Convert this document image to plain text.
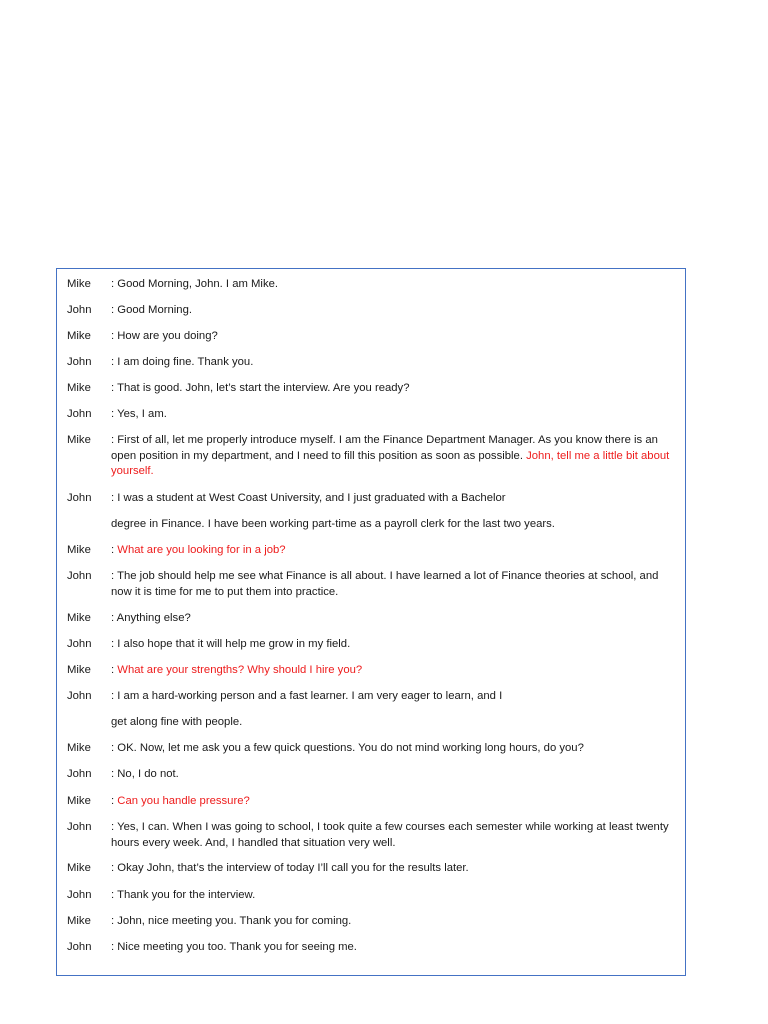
Mike : Good Morning, John. I am Mike.
John : Good Morning.
Mike : How are you doing?
John : I am doing fine. Thank you.
Mike : That is good. John, let’s start the interview. Are you ready?
John : Yes, I am.
Mike : First of all, let me properly introduce myself. I am the Finance Department Manager. As you know there is an open position in my department, and I need to fill this position as soon as possible. John, tell me a little bit about yourself.
John : I was a student at West Coast University, and I just graduated with a Bachelor
degree in Finance. I have been working part-time as a payroll clerk for the last two years.
Mike : What are you looking for in a job?
John : The job should help me see what Finance is all about. I have learned a lot of Finance theories at school, and now it is time for me to put them into practice.
Mike : Anything else?
John : I also hope that it will help me grow in my field.
Mike : What are your strengths? Why should I hire you?
John : I am a hard-working person and a fast learner. I am very eager to learn, and I
get along fine with people.
Mike : OK. Now, let me ask you a few quick questions. You do not mind working long hours, do you?
John : No, I do not.
Mike : Can you handle pressure?
John : Yes, I can. When I was going to school, I took quite a few courses each semester while working at least twenty hours every week. And, I handled that situation very well.
Mike : Okay John, that’s the interview of today I’ll call you for the results later.
John : Thank you for the interview.
Mike : John, nice meeting you. Thank you for coming.
John : Nice meeting you too. Thank you for seeing me.
